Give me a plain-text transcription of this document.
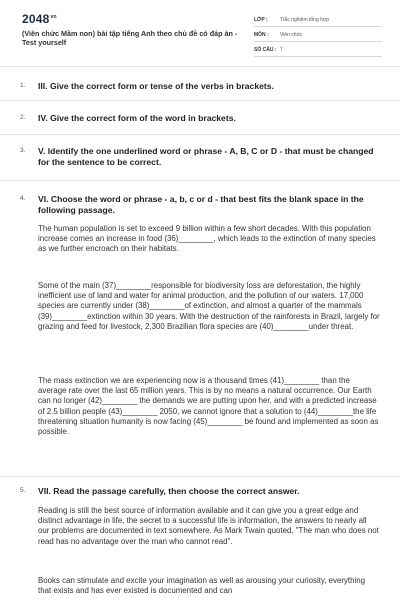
$2048^{vn}$
(Viên chức Mầm non) bài tập tiếng Anh theo chủ đề có đáp án - Test yourself
LỚP : Trắc nghiệm tổng hợp
MÔN : Viên chức
SỐ CÂU : 7
1. III. Give the correct form or tense of the verbs in brackets.
2. IV. Give the correct form of the word in brackets.
3. V. Identify the one underlined word or phrase - A, B, C or D - that must be changed for the sentence to be correct.
4. VI. Choose the word or phrase - a, b, c or d - that best fits the blank space in the following passage.
The human population is set to exceed 9 billion within a few short decades. With this population increase comes an increase in food (36)________, which leads to the extinction of many species as we further encroach on their habitats.
Some of the main (37)________responsible for biodiversity loss are deforestation, the highly inefficient use of land and water for animal production, and the pollution of our waters. 17,000 species are currently under (38)________of extinction, and almost a quarter of the mammals (39)________extinction within 30 years. With the destruction of the rainforests in Brazil, largely for grazing and feed for livestock, 2,300 Brazilian flora species are (40)________under threat.
The mass extinction we are experiencing now is a thousand times (41)________ than the average rate over the last 65 million years. This is by no means a natural occurrence. Our Earth can no longer (42)________ the demands we are putting upon her, and with a predicted increase of 2.5 billion people (43)________ 2050, we cannot ignore that a solution to (44)________the life threatening situation humanity is now facing (45)________ be found and implemented as soon as possible.
5. VII. Read the passage carefully, then choose the correct answer.
Reading is still the best source of information available and it can give you a great edge and distinct advantage in life, the secret to a successful life is information, the answers to nearly all our problems are documented in text somewhere. As Mark Twain quoted, "The man who does not read has no advantage over the man who cannot read".
Books can stimulate and excite your imagination as well as arousing your curiosity, everything that exists and has ever existed is documented and can
